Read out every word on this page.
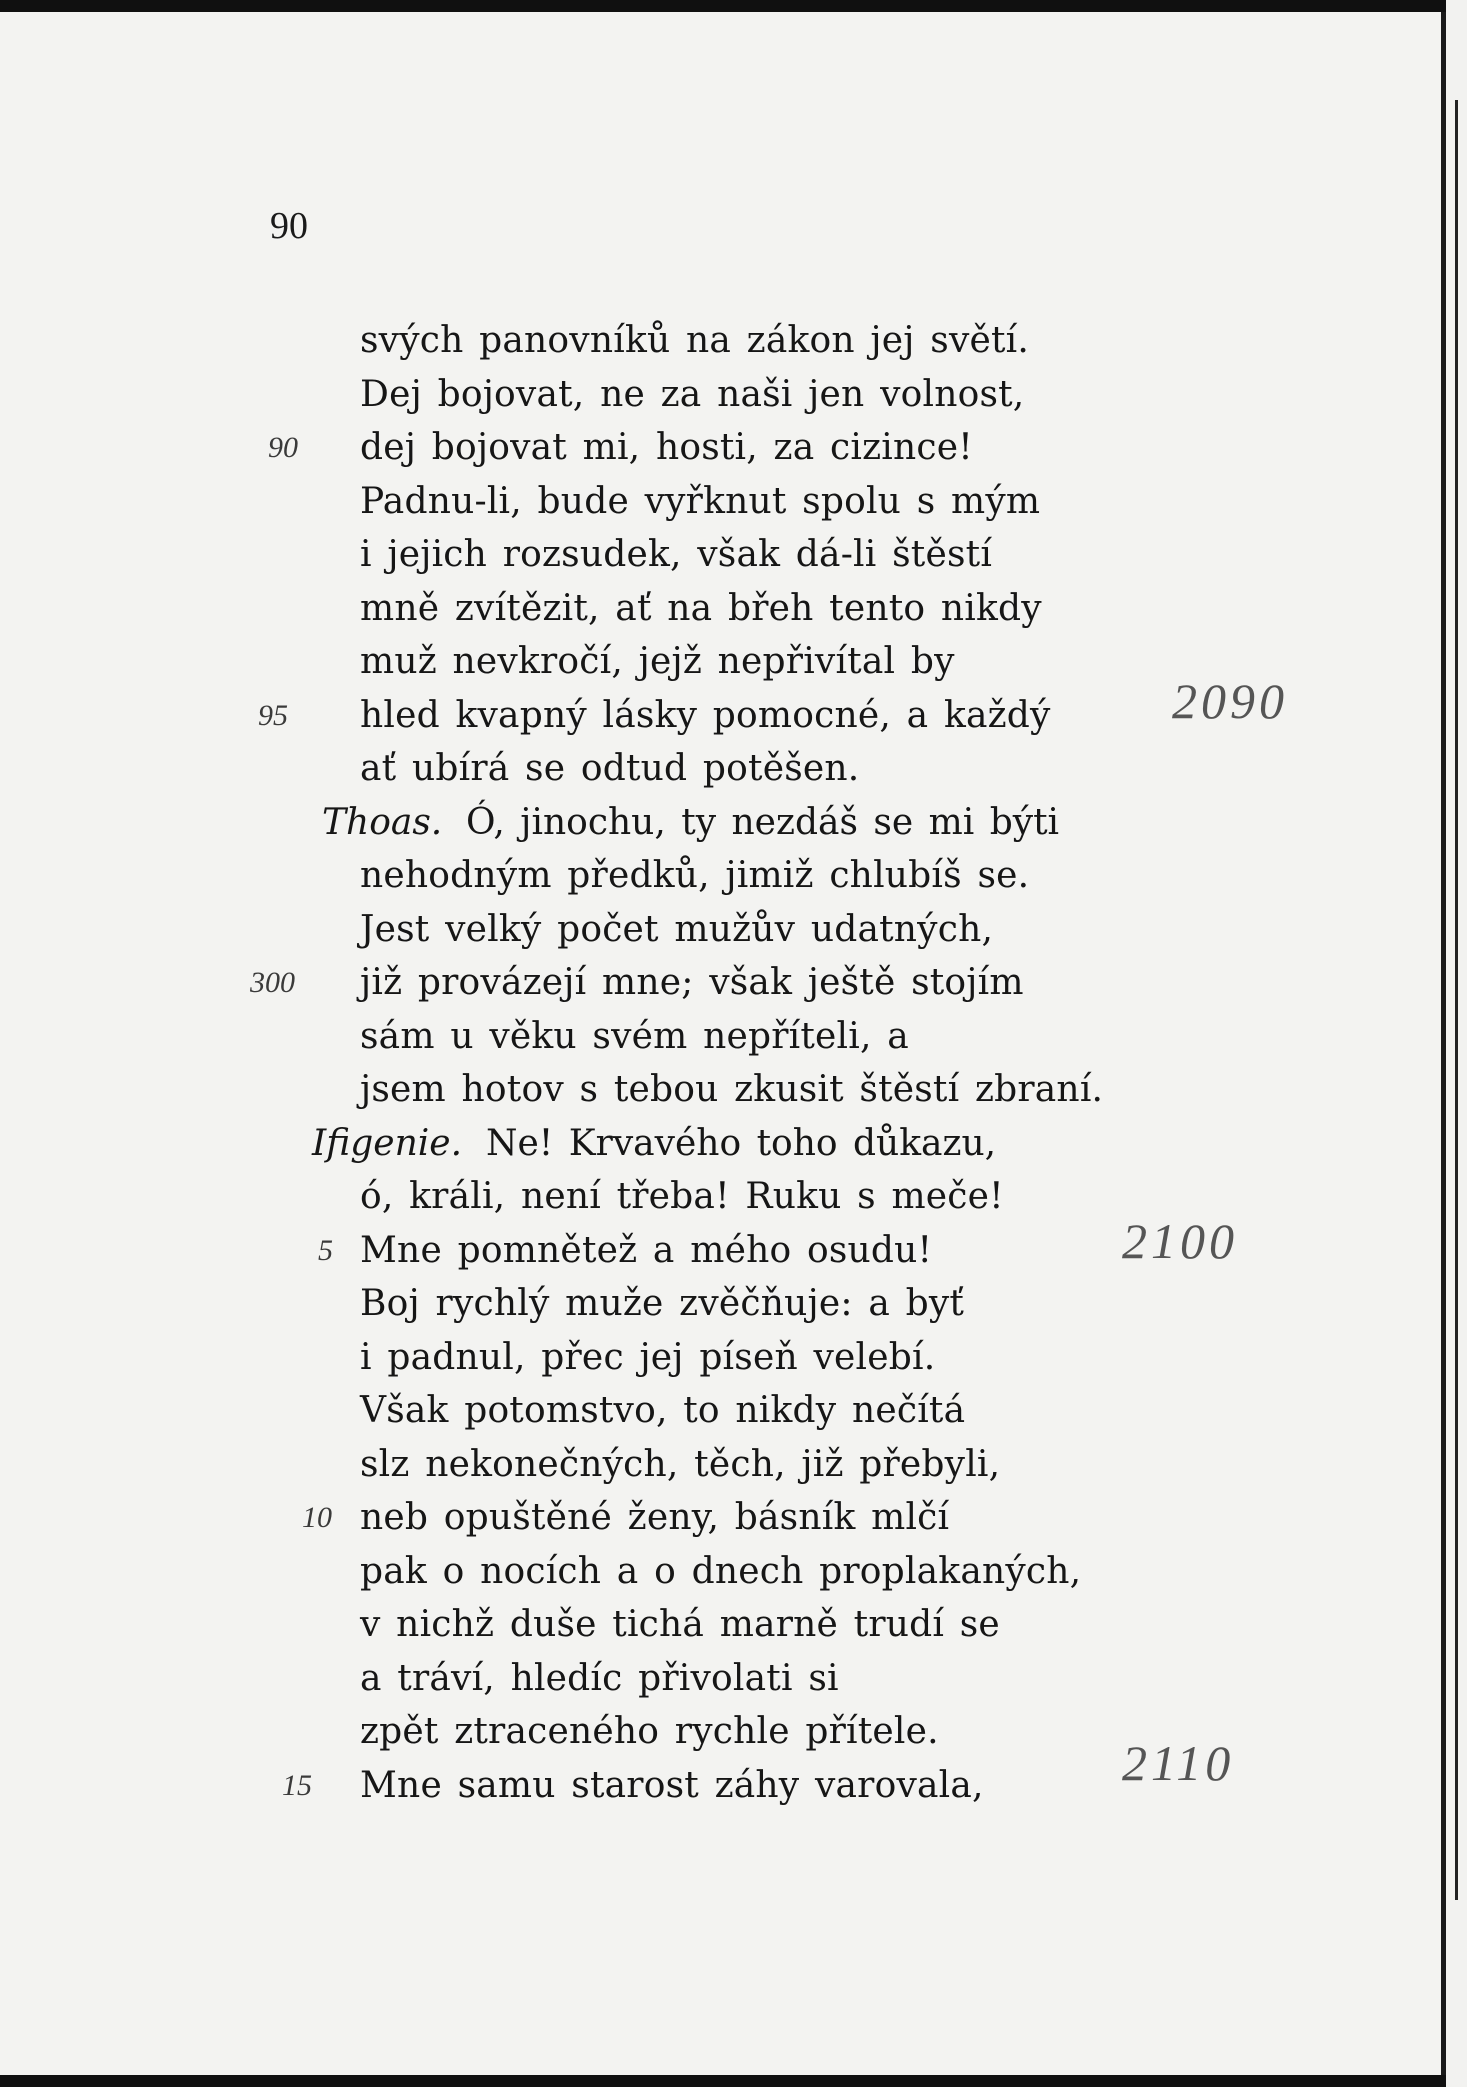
90
svých panovníků na zákon jej světí.
Dej bojovat, ne za naši jen volnost,
90 dej bojovat mi, hosti, za cizince!
Padnu-li, bude vyřknut spolu s mým
i jejich rozsudek, však dá-li štěstí
mně zvítězit, ať na břeh tento nikdy
muž nevkročí, jejž nepřivítal by
95 hled kvapný lásky pomocné, a každý
ať ubírá se odtud potěšen.
Thoas. Ó, jinochu, ty nezdáš se mi býti
nehodným předků, jimiž chlubíš se.
Jest velký počet mužův udatných,
300 již provázejí mne; však ještě stojím
sám u věku svém nepříteli, a
jsem hotov s tebou zkusit štěstí zbraní.
Ifigenie. Ne! Krvavého toho důkazu,
ó, králi, není třeba! Ruku s meče!
5 Mne pomnětež a mého osudu!
Boj rychlý muže zvěčňuje: a byť
i padnul, přec jej píseň velebí.
Však potomstvo, to nikdy nečítá
slz nekonečných, těch, již přebyli,
10 neb opuštěné ženy, básník mlčí
pak o nocích a o dnech proplakaných,
v nichž duše tichá marně trudí se
a tráví, hledíc přivolati si
zpět ztraceného rychle přítele.
15 Mne samu starost záhy varovala,
2090
2100
2110
